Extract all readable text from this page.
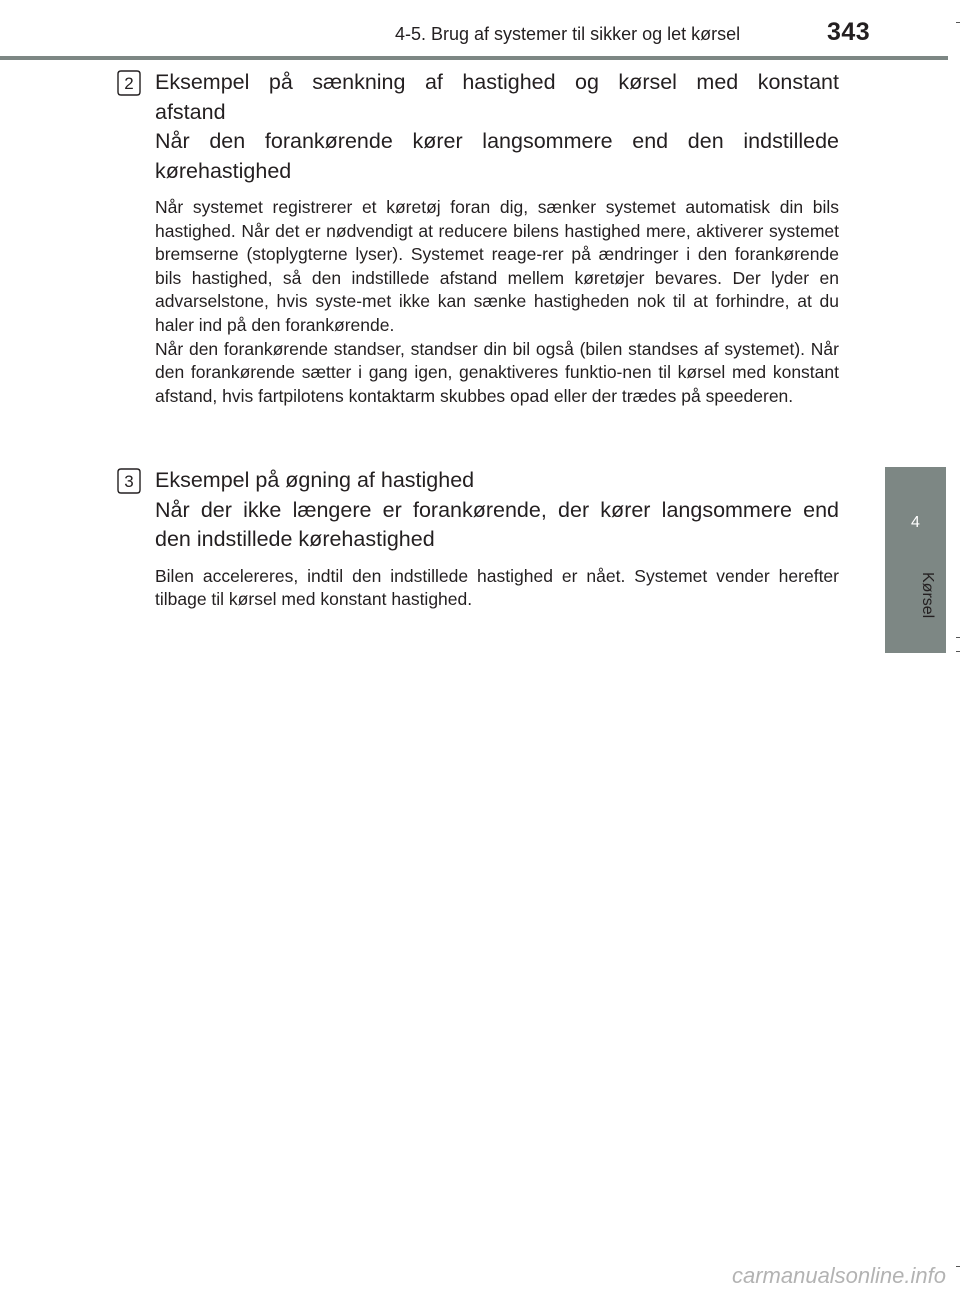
4-5. Brug af systemer til sikker og let kørsel	343
4
Kørsel
2 Eksempel på sænkning af hastighed og kørsel med konstant
afstand
Når den forankørende kører langsommere end den indstillede
kørehastighed

Når systemet registrerer et køretøj foran dig, sænker systemet automatisk din bils hastighed. Når det er nødvendigt at reducere bilens hastighed mere, aktiverer systemet bremserne (stoplygterne lyser). Systemet reage-rer på ændringer i den forankørende bils hastighed, så den indstillede afstand mellem køretøjer bevares. Der lyder en advarselstone, hvis syste-met ikke kan sænke hastigheden nok til at forhindre, at du haler ind på den forankørende.

Når den forankørende standser, standser din bil også (bilen standses af systemet). Når den forankørende sætter i gang igen, genaktiveres funktio-nen til kørsel med konstant afstand, hvis fartpilotens kontaktarm skubbes opad eller der trædes på speederen.

3 Eksempel på øgning af hastighed
Når der ikke længere er forankørende, der kører langsommere end
den indstillede kørehastighed

Bilen accelereres, indtil den indstillede hastighed er nået. Systemet vender herefter tilbage til kørsel med konstant hastighed.

carmanualsonline.info
